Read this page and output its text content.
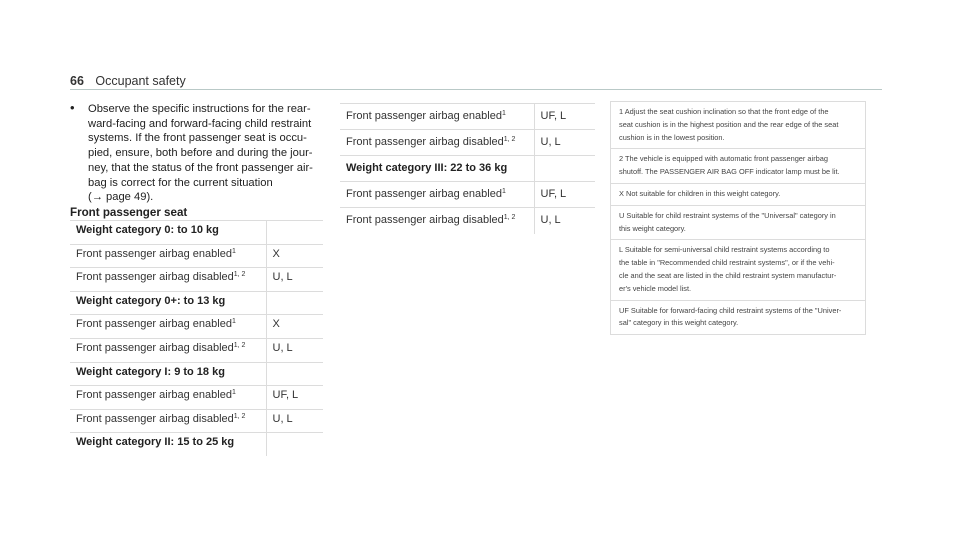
66 Occupant safety
•	Observe the specific instructions for the rear-
ward-facing and forward-facing child restraint
systems. If the front passenger seat is occu-
pied, ensure, both before and during the jour-
ney, that the status of the front passenger air-
bag is correct for the current situation
(→ page 49).
Front passenger seat
Weight category 0: to 10 kg	
Front passenger airbag enabled$^1$	X
Front passenger airbag disabled$^{1, 2}$	U, L
Weight category 0+: to 13 kg	
Front passenger airbag enabled$^1$	X
Front passenger airbag disabled$^{1, 2}$	U, L
Weight category I: 9 to 18 kg	
Front passenger airbag enabled$^1$	UF, L
Front passenger airbag disabled$^{1, 2}$	U, L
Weight category II: 15 to 25 kg	
Front passenger airbag enabled$^1$	UF, L
Front passenger airbag disabled$^{1, 2}$	U, L
Weight category III: 22 to 36 kg	
Front passenger airbag enabled$^1$	UF, L
Front passenger airbag disabled$^{1, 2}$	U, L
1 Adjust the seat cushion inclination so that the front edge of the
seat cushion is in the highest position and the rear edge of the seat
cushion is in the lowest position.
2 The vehicle is equipped with automatic front passenger airbag
shutoff. The PASSENGER AIR BAG OFF indicator lamp must be lit.
X Not suitable for children in this weight category.
U Suitable for child restraint systems of the "Universal" category in
this weight category.
L Suitable for semi-universal child restraint systems according to
the table in "Recommended child restraint systems", or if the vehi-
cle and the seat are listed in the child restraint system manufactur-
er's vehicle model list.
UF Suitable for forward-facing child restraint systems of the "Univer-
sal" category in this weight category.
